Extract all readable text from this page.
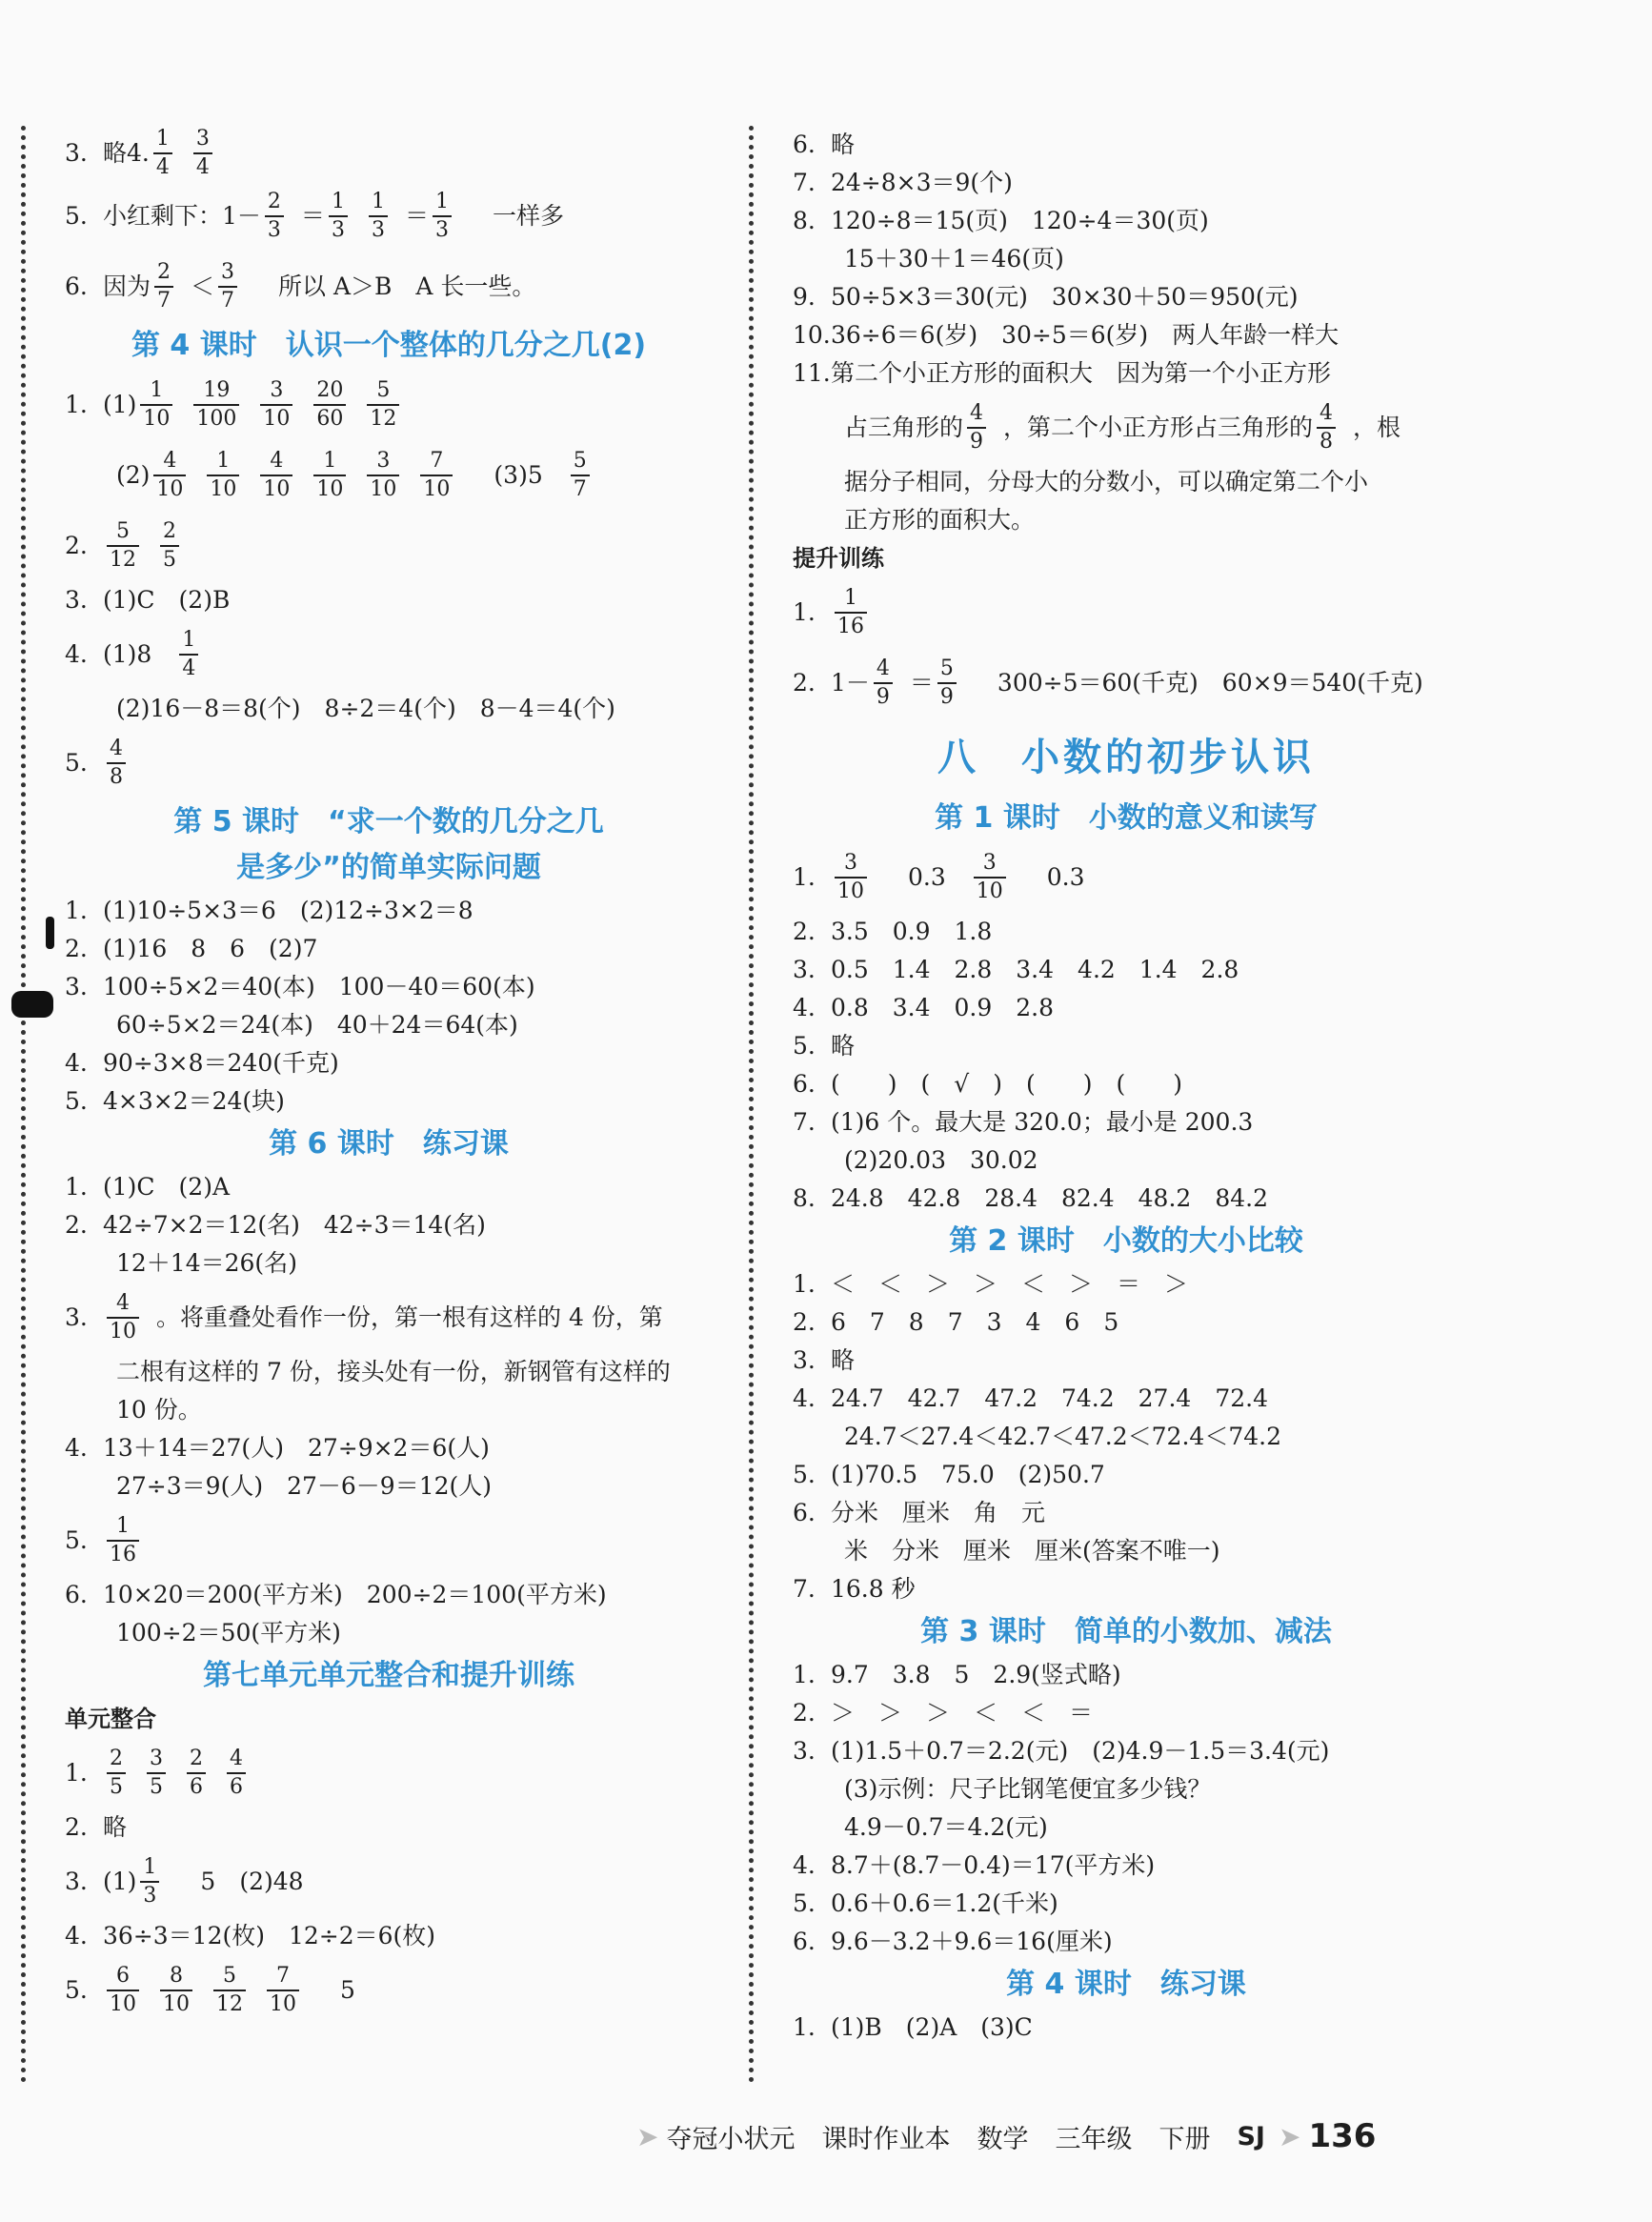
3. 略 4. $\frac{1}{4} \frac{3}{4}$
5. 小红剩下：$1- \frac{2}{3} = \frac{1}{3} \frac{1}{3} = \frac{1}{3}$ 　一样多
6. 因为 $\frac{2}{7} < \frac{3}{7}$ 　所以 A＞B　A 长一些。
第 4 课时　认识一个整体的几分之几(2)
1. $(1) \frac{1}{10} \frac{19}{100} \frac{3}{10} \frac{20}{60} \frac{5}{12}$
$(2) \frac{4}{10} \frac{1}{10} \frac{4}{10} \frac{1}{10} \frac{3}{10} \frac{7}{10}$ 　(3)5　 $\frac{5}{7}$
2. $\frac{5}{12} \frac{2}{5}$
3. (1)C　(2)B
4. (1)8　 $\frac{1}{4}$
(2)16－8＝8(个)　8÷2＝4(个)　8－4＝4(个)
5. $\frac{4}{8}$
第 5 课时　“求一个数的几分之几
是多少”的简单实际问题
1. (1)10÷5×3＝6　(2)12÷3×2＝8
2. (1)16　8　6　(2)7
3. 100÷5×2＝40(本)　100－40＝60(本)
60÷5×2＝24(本)　40＋24＝64(本)
4. 90÷3×8＝240(千克)
5. 4×3×2＝24(块)
第 6 课时　练习课
1. (1)C　(2)A
2. 42÷7×2＝12(名)　42÷3＝14(名)
12＋14＝26(名)
3. $\frac{4}{10}$ 。将重叠处看作一份，第一根有这样的 4 份，第
二根有这样的 7 份，接头处有一份，新钢管有这样的
10 份。
4. 13＋14＝27(人)　27÷9×2＝6(人)
27÷3＝9(人)　27－6－9＝12(人)
5. $\frac{1}{16}$
6. 10×20＝200(平方米)　200÷2＝100(平方米)
100÷2＝50(平方米)
第七单元单元整合和提升训练
单元整合
1. $\frac{2}{5} \frac{3}{5} \frac{2}{6} \frac{4}{6}$
2. 略
3. $(1) \frac{1}{3}$ 　5　(2)48
4. 36÷3＝12(枚)　12÷2＝6(枚)
5. $\frac{6}{10} \frac{8}{10} \frac{5}{12} \frac{7}{10}$ 　5
6. 略
7. 24÷8×3＝9(个)
8. 120÷8＝15(页)　120÷4＝30(页)
15＋30＋1＝46(页)
9. 50÷5×3＝30(元)　30×30＋50＝950(元)
10. 36÷6＝6(岁)　30÷5＝6(岁)　两人年龄一样大
11. 第二个小正方形的面积大　因为第一个小正方形
占三角形的 $\frac{4}{9}$ ，第二个小正方形占三角形的 $\frac{4}{8}$ ，根
据分子相同，分母大的分数小，可以确定第二个小
正方形的面积大。
提升训练
1. $\frac{1}{16}$
2. $1- \frac{4}{9} = \frac{5}{9}$ 　300÷5＝60(千克)　60×9＝540(千克)
八　小数的初步认识
第 1 课时　小数的意义和读写
1. $\frac{3}{10}$ 　0.3　 $\frac{3}{10}$ 　0.3
2. 3.5　0.9　1.8
3. 0.5　1.4　2.8　3.4　4.2　1.4　2.8
4. 0.8　3.4　0.9　2.8
5. 略
6. (　　)　(　√　)　(　　)　(　　)
7. (1)6 个。最大是 320.0；最小是 200.3
(2)20.03　30.02
8. 24.8　42.8　28.4　82.4　48.2　84.2
第 2 课时　小数的大小比较
1. ＜　＜　＞　＞　＜　＞　＝　＞
2. 6　7　8　7　3　4　6　5
3. 略
4. 24.7　42.7　47.2　74.2　27.4　72.4
24.7＜27.4＜42.7＜47.2＜72.4＜74.2
5. (1)70.5　75.0　(2)50.7
6. 分米　厘米　角　元
米　分米　厘米　厘米(答案不唯一)
7. 16.8 秒
第 3 课时　简单的小数加、减法
1. 9.7　3.8　5　2.9(竖式略)
2. ＞　＞　＞　＜　＜　＝
3. (1)1.5＋0.7＝2.2(元)　(2)4.9－1.5＝3.4(元)
(3)示例：尺子比钢笔便宜多少钱？
4.9－0.7＝4.2(元)
4. 8.7＋(8.7－0.4)＝17(平方米)
5. 0.6＋0.6＝1.2(千米)
6. 9.6－3.2＋9.6＝16(厘米)
第 4 课时　练习课
1. (1)B　(2)A　(3)C
➤ 夺冠小状元 课时作业本 数学 三年级 下册 SJ ➤ 136
